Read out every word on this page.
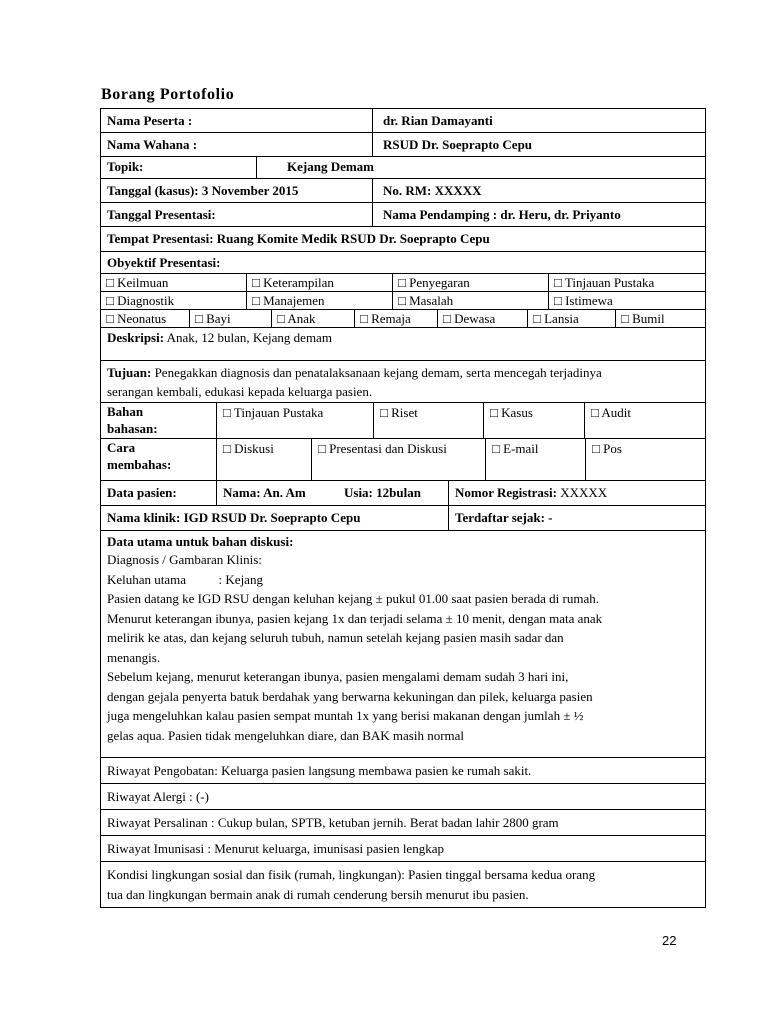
Borang Portofolio
Nama Peserta :	dr. Rian Damayanti
Nama Wahana :	RSUD Dr. Soeprapto Cepu
Topik:	Kejang Demam
Tanggal (kasus): 3 November 2015	No. RM: XXXXX
Tanggal Presentasi:	Nama Pendamping : dr. Heru, dr. Priyanto
Tempat Presentasi: Ruang Komite Medik RSUD Dr. Soeprapto Cepu
Obyektif Presentasi:
□ Keilmuan	□ Keterampilan	□ Penyegaran	□ Tinjauan Pustaka
□ Diagnostik	□ Manajemen	□ Masalah	□ Istimewa
□ Neonatus	□ Bayi	□ Anak	□ Remaja	□ Dewasa	□ Lansia	□ Bumil
Deskripsi: Anak, 12 bulan, Kejang demam
Tujuan: Penegakkan diagnosis dan penatalaksanaan kejang demam, serta mencegah terjadinya
serangan kembali, edukasi kepada keluarga pasien.
Bahan
bahasan:
□ Tinjauan Pustaka	□ Riset	□ Kasus	□ Audit
Cara
membahas:
□ Diskusi	□ Presentasi dan Diskusi	□ E-mail	□ Pos
Data pasien:	Nama: An. Am	Usia: 12bulan	Nomor Registrasi: XXXXX
Nama klinik: IGD RSUD Dr. Soeprapto Cepu	Terdaftar sejak: -
Data utama untuk bahan diskusi:
Diagnosis / Gambaran Klinis:
Keluhan utama          : Kejang
Pasien datang ke IGD RSU dengan keluhan kejang ± pukul 01.00 saat pasien berada di rumah.
Menurut keterangan ibunya, pasien kejang 1x dan terjadi selama ± 10 menit, dengan mata anak
melirik ke atas, dan kejang seluruh tubuh, namun setelah kejang pasien masih sadar dan
menangis.
Sebelum kejang, menurut keterangan ibunya, pasien mengalami demam sudah 3 hari ini,
dengan gejala penyerta batuk berdahak yang berwarna kekuningan dan pilek, keluarga pasien
juga mengeluhkan kalau pasien sempat muntah 1x yang berisi makanan dengan jumlah ± ½
gelas aqua. Pasien tidak mengeluhkan diare, dan BAK masih normal
Riwayat Pengobatan: Keluarga pasien langsung membawa pasien ke rumah sakit.
Riwayat Alergi : (-)
Riwayat Persalinan : Cukup bulan, SPTB, ketuban jernih. Berat badan lahir 2800 gram
Riwayat Imunisasi : Menurut keluarga, imunisasi pasien lengkap
Kondisi lingkungan sosial dan fisik (rumah, lingkungan): Pasien tinggal bersama kedua orang
tua dan lingkungan bermain anak di rumah cenderung bersih menurut ibu pasien.
22
